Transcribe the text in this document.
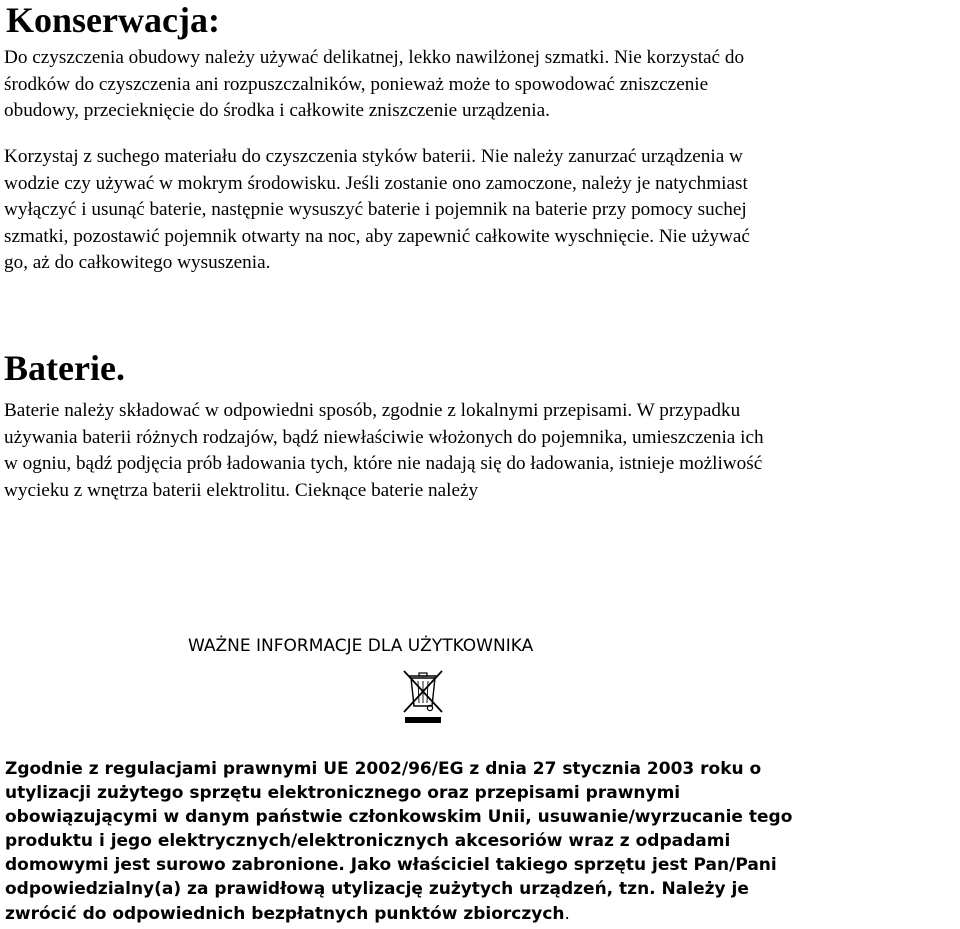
Konserwacja:
Do czyszczenia obudowy należy używać delikatnej, lekko nawilżonej szmatki. Nie korzystać do
środków do czyszczenia ani rozpuszczalników, ponieważ może to spowodować zniszczenie
obudowy, przecieknięcie do środka i całkowite zniszczenie urządzenia.
Korzystaj z suchego materiału do czyszczenia styków baterii. Nie należy zanurzać urządzenia w
wodzie czy używać w mokrym środowisku. Jeśli zostanie ono zamoczone, należy je natychmiast
wyłączyć i usunąć baterie, następnie wysuszyć baterie i pojemnik na baterie przy pomocy suchej
szmatki, pozostawić pojemnik otwarty na noc, aby zapewnić całkowite wyschnięcie. Nie używać
go, aż do całkowitego wysuszenia.
Baterie.
Baterie należy składować w odpowiedni sposób, zgodnie z lokalnymi przepisami. W przypadku
używania baterii różnych rodzajów, bądź niewłaściwie włożonych do pojemnika, umieszczenia ich
w ogniu, bądź podjęcia prób ładowania tych, które nie nadają się do ładowania, istnieje możliwość
wycieku z wnętrza baterii elektrolitu. Cieknące baterie należy
WAŻNE INFORMACJE DLA UŻYTKOWNIKA
Zgodnie z regulacjami prawnymi UE 2002/96/EG z dnia 27 stycznia 2003 roku o
utylizacji zużytego sprzętu elektronicznego oraz przepisami prawnymi
obowiązującymi w danym państwie członkowskim Unii, usuwanie/wyrzucanie tego
produktu i jego elektrycznych/elektronicznych akcesoriów wraz z odpadami
domowymi jest surowo zabronione. Jako właściciel takiego sprzętu jest Pan/Pani
odpowiedzialny(a) za prawidłową utylizację zużytych urządzeń, tzn. Należy je
zwrócić do odpowiednich bezpłatnych punktów zbiorczych.
